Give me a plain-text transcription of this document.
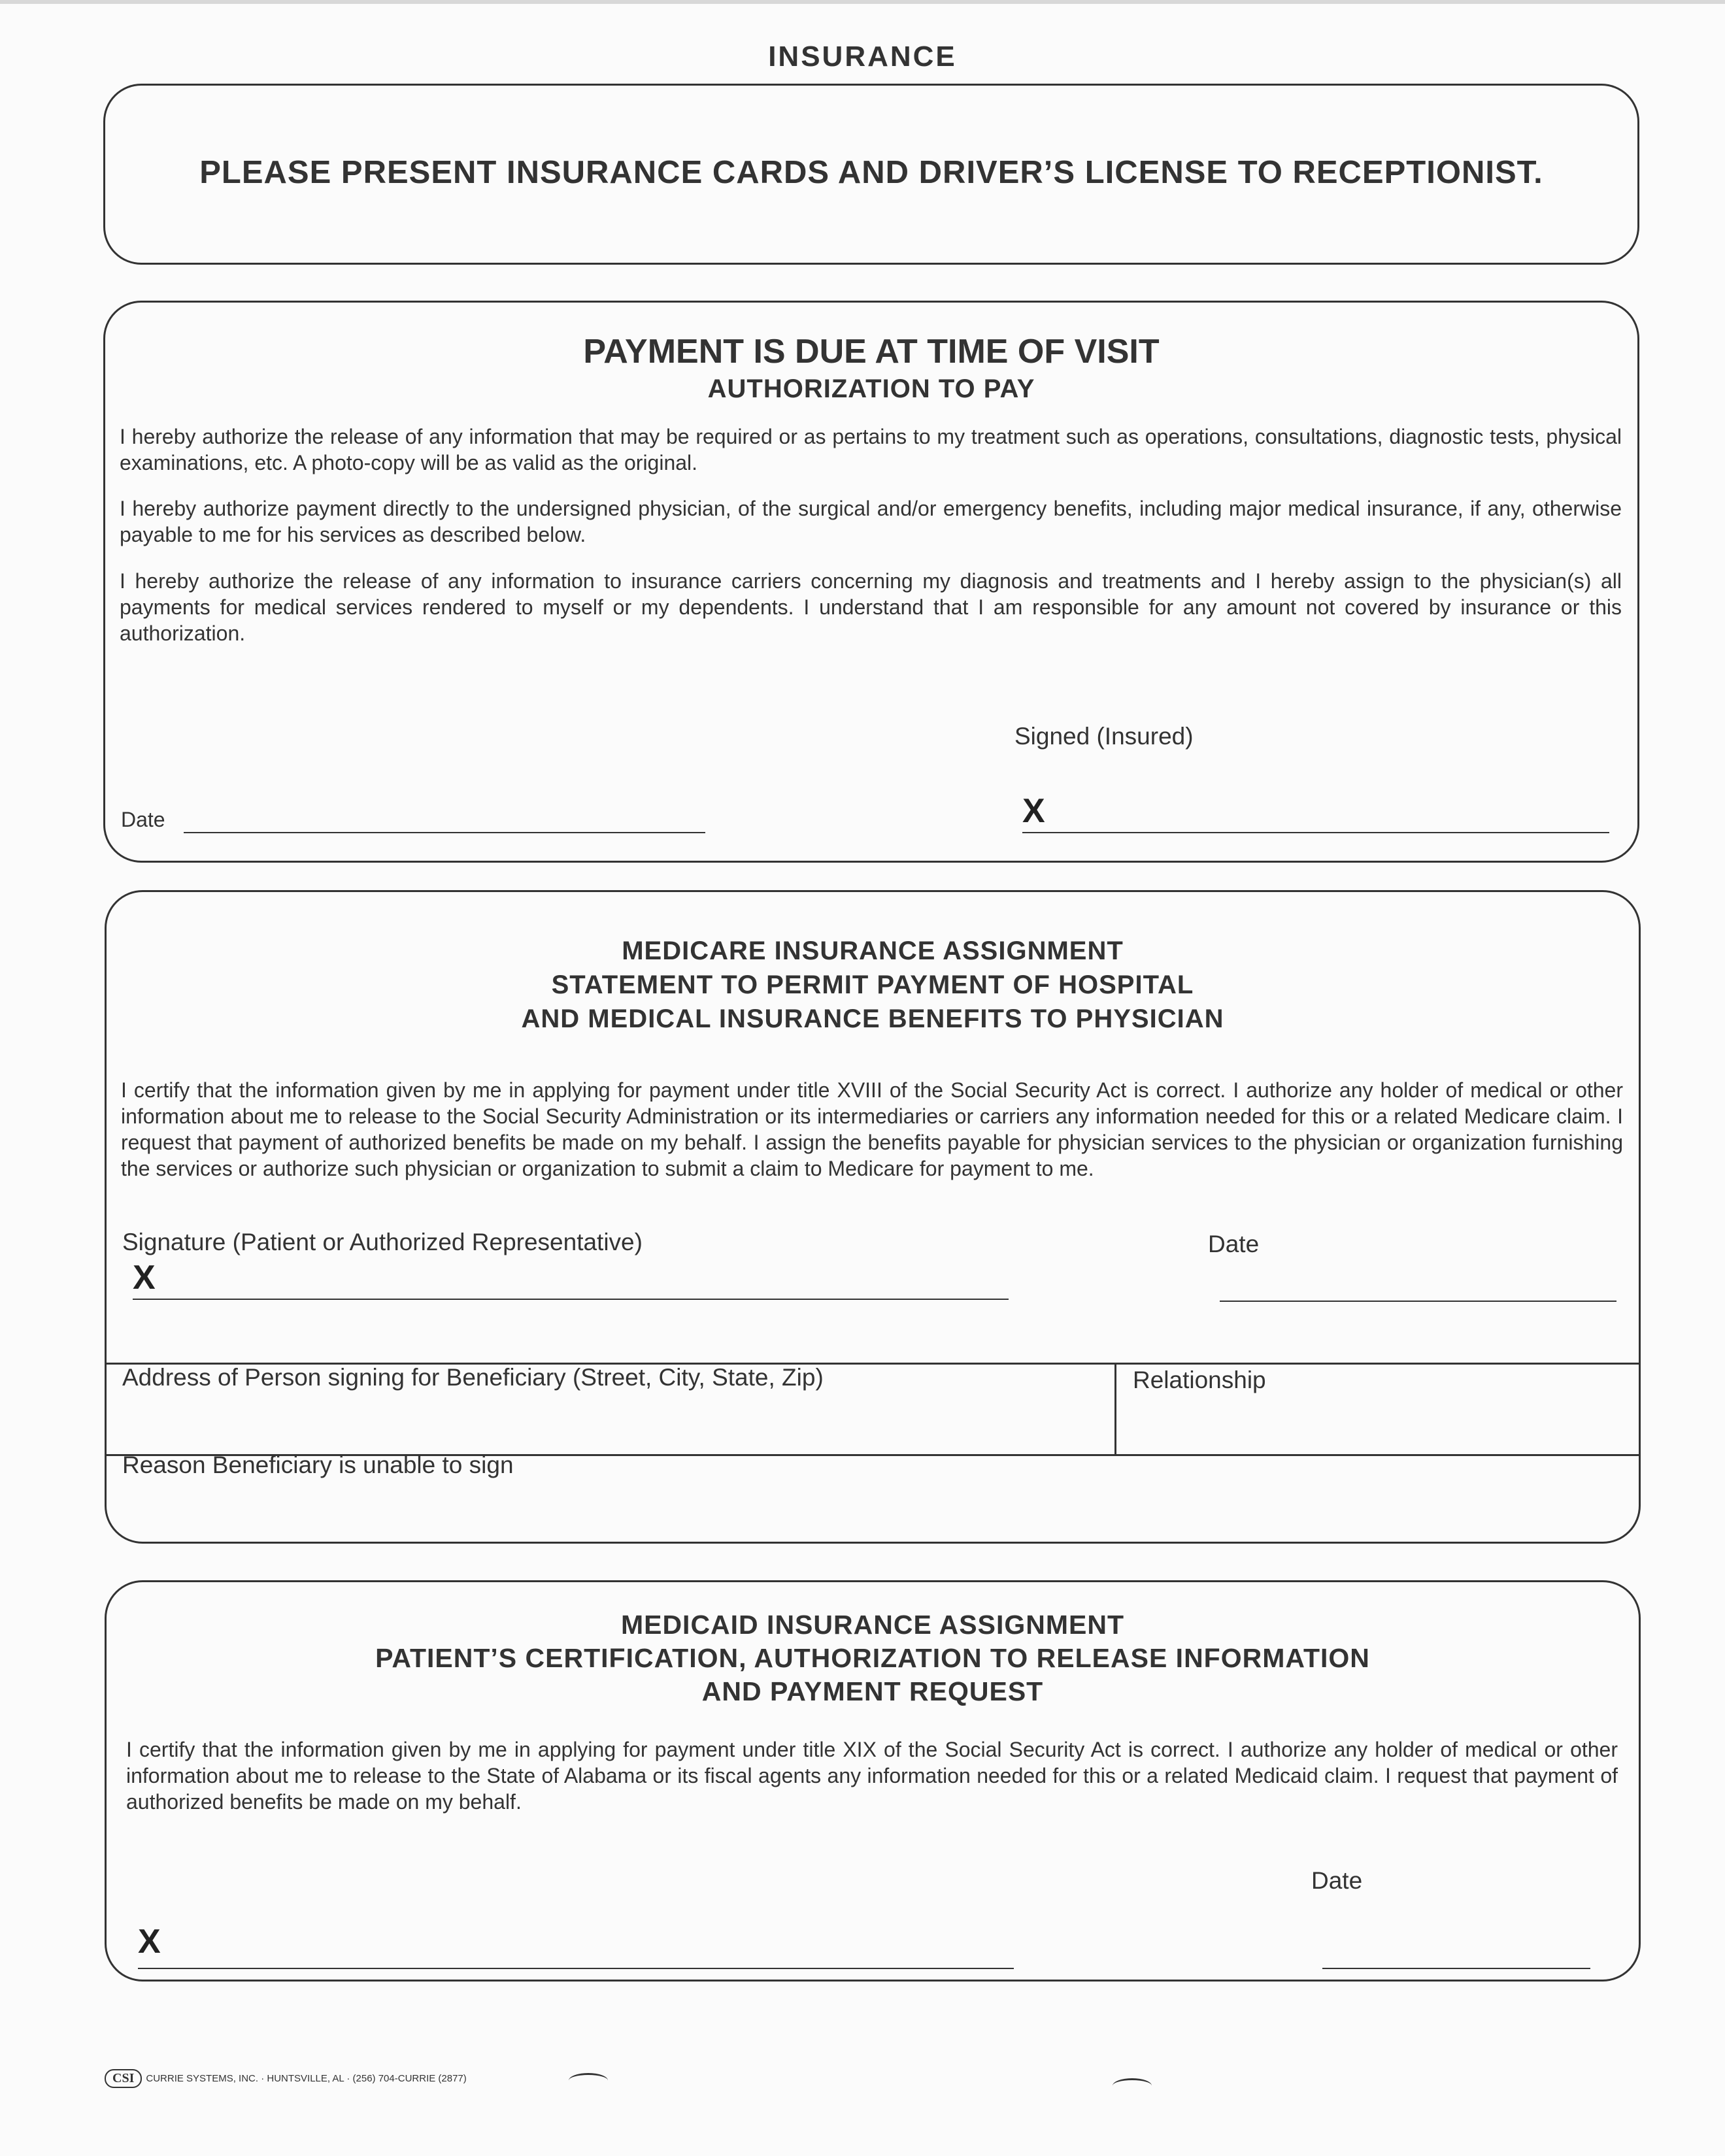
INSURANCE
PLEASE PRESENT INSURANCE CARDS AND DRIVER’S LICENSE TO RECEPTIONIST.
PAYMENT IS DUE AT TIME OF VISIT
AUTHORIZATION TO PAY
I hereby authorize the release of any information that may be required or as pertains to my treatment such as operations, consultations, diagnostic tests, physical examinations, etc. A photo-copy will be as valid as the original.
I hereby authorize payment directly to the undersigned physician, of the surgical and/or emergency benefits, including major medical insurance, if any, otherwise payable to me for his services as described below.
I hereby authorize the release of any information to insurance carriers concerning my diagnosis and treatments and I hereby assign to the physician(s) all payments for medical services rendered to myself or my dependents. I understand that I am responsible for any amount not covered by insurance or this authorization.
Signed (Insured)
Date	X
MEDICARE INSURANCE ASSIGNMENT
STATEMENT TO PERMIT PAYMENT OF HOSPITAL
AND MEDICAL INSURANCE BENEFITS TO PHYSICIAN
I certify that the information given by me in applying for payment under title XVIII of the Social Security Act is correct. I authorize any holder of medical or other information about me to release to the Social Security Administration or its intermediaries or carriers any information needed for this or a related Medicare claim. I request that payment of authorized benefits be made on my behalf. I assign the benefits payable for physician services to the physician or organization furnishing the services or authorize such physician or organization to submit a claim to Medicare for payment to me.
Signature (Patient or Authorized Representative)
X
Date
Address of Person signing for Beneficiary (Street, City, State, Zip)	Relationship
Reason Beneficiary is unable to sign
MEDICAID INSURANCE ASSIGNMENT
PATIENT’S CERTIFICATION, AUTHORIZATION TO RELEASE INFORMATION
AND PAYMENT REQUEST
I certify that the information given by me in applying for payment under title XIX of the Social Security Act is correct. I authorize any holder of medical or other information about me to release to the State of Alabama or its fiscal agents any information needed for this or a related Medicaid claim. I request that payment of authorized benefits be made on my behalf.
Date
X
CSI	CURRIE SYSTEMS, INC. · HUNTSVILLE, AL · (256) 704-CURRIE (2877)
